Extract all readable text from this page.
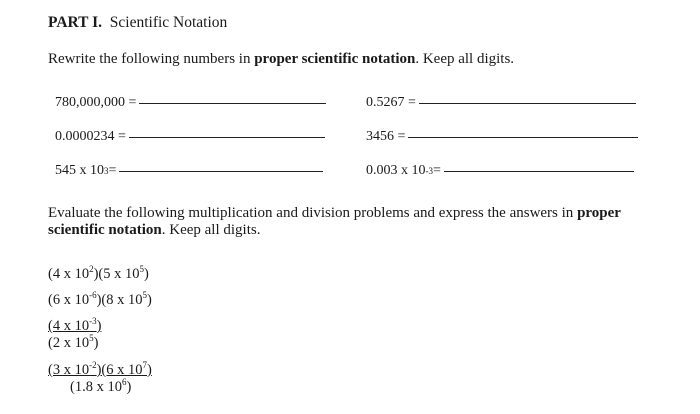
PART I. Scientific Notation
Rewrite the following numbers in proper scientific notation. Keep all digits.
780,000,000 =	0.5267 =
0.0000234 =	3456 =
545 x 10 3 =	0.003 x 10 -3 =
Evaluate the following multiplication and division problems and express the answers in proper
scientific notation. Keep all digits.
(4 x $10^2)(5$ x $10^5$)
(6 x $10^{-6})(8$ x $10^5$)
(4 x $10^{-3}$)
(2 x $10^5$)
(3 x $10^{-2})(6$ x $10^7$)
(1.8 x $10^6$)
